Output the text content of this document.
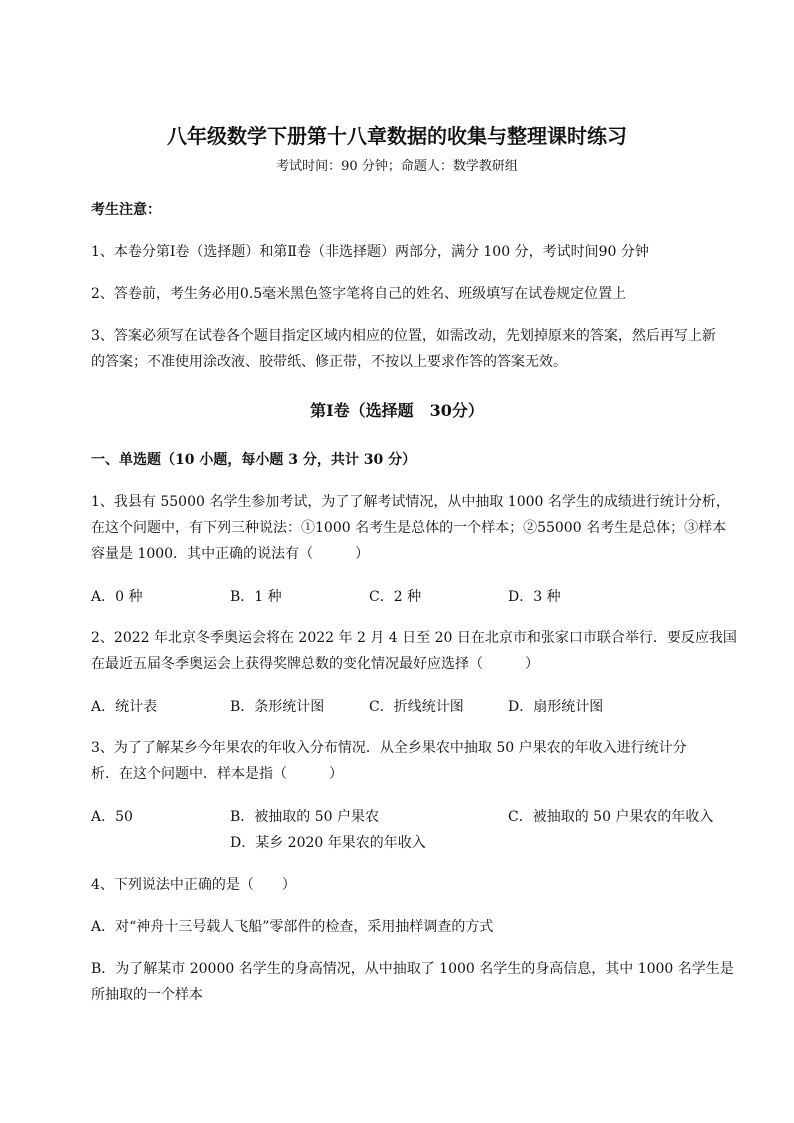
八年级数学下册第十八章数据的收集与整理课时练习
考试时间：90 分钟；命题人：数学教研组
考生注意：
1、本卷分第Ⅰ卷（选择题）和第Ⅱ卷（非选择题）两部分，满分 100 分，考试时间90 分钟
2、答卷前，考生务必用0.5毫米黑色签字笔将自己的姓名、班级填写在试卷规定位置上
3、答案必须写在试卷各个题目指定区域内相应的位置，如需改动，先划掉原来的答案，然后再写上新
的答案；不准使用涂改液、胶带纸、修正带，不按以上要求作答的答案无效。
第Ⅰ卷（选择题　30分）
一、单选题（10 小题，每小题 3 分，共计 30 分）
1、我县有 55000 名学生参加考试，为了了解考试情况，从中抽取 1000 名学生的成绩进行统计分析，
在这个问题中，有下列三种说法：①1000 名考生是总体的一个样本；②55000 名考生是总体；③样本
容量是 1000．其中正确的说法有（　　　）
A．0 种	B．1 种	C．2 种	D．3 种
2、2022 年北京冬季奥运会将在 2022 年 2 月 4 日至 20 日在北京市和张家口市联合举行．要反应我国
在最近五届冬季奥运会上获得奖牌总数的变化情况最好应选择（　　　）
A．统计表	B．条形统计图	C．折线统计图	D．扇形统计图
3、为了了解某乡今年果农的年收入分布情况．从全乡果农中抽取 50 户果农的年收入进行统计分
析．在这个问题中．样本是指（　　　）
A．50	B．被抽取的 50 户果农	C．被抽取的 50 户果农的年收入
D．某乡 2020 年果农的年收入
4、下列说法中正确的是（　　）
A．对“神舟十三号载人飞船”零部件的检查，采用抽样调查的方式
B．为了解某市 20000 名学生的身高情况，从中抽取了 1000 名学生的身高信息，其中 1000 名学生是
所抽取的一个样本
